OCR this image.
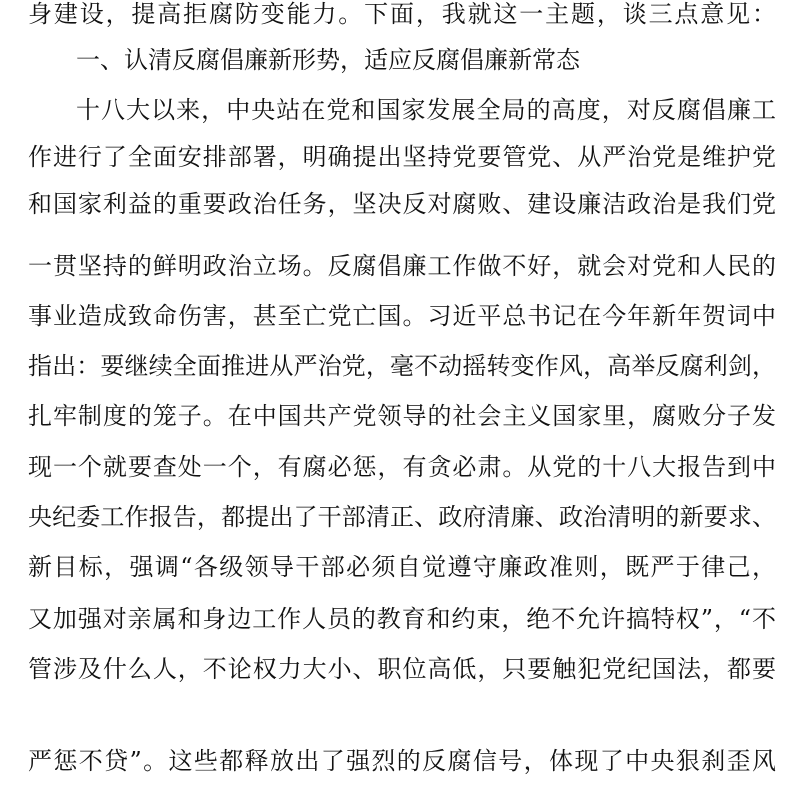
身建设，提高拒腐防变能力。下面，我就这一主题，谈三点意见：
一、认清反腐倡廉新形势，适应反腐倡廉新常态
十八大以来，中央站在党和国家发展全局的高度，对反腐倡廉工
作进行了全面安排部署，明确提出坚持党要管党、从严治党是维护党
和国家利益的重要政治任务，坚决反对腐败、建设廉洁政治是我们党
一贯坚持的鲜明政治立场。反腐倡廉工作做不好，就会对党和人民的
事业造成致命伤害，甚至亡党亡国。习近平总书记在今年新年贺词中
指出：要继续全面推进从严治党，毫不动摇转变作风，高举反腐利剑，
扎牢制度的笼子。在中国共产党领导的社会主义国家里，腐败分子发
现一个就要查处一个，有腐必惩，有贪必肃。从党的十八大报告到中
央纪委工作报告，都提出了干部清正、政府清廉、政治清明的新要求、
新目标，强调“各级领导干部必须自觉遵守廉政准则，既严于律己，
又加强对亲属和身边工作人员的教育和约束，绝不允许搞特权”，“不
管涉及什么人，不论权力大小、职位高低，只要触犯党纪国法，都要
严惩不贷”。这些都释放出了强烈的反腐信号，体现了中央狠刹歪风
